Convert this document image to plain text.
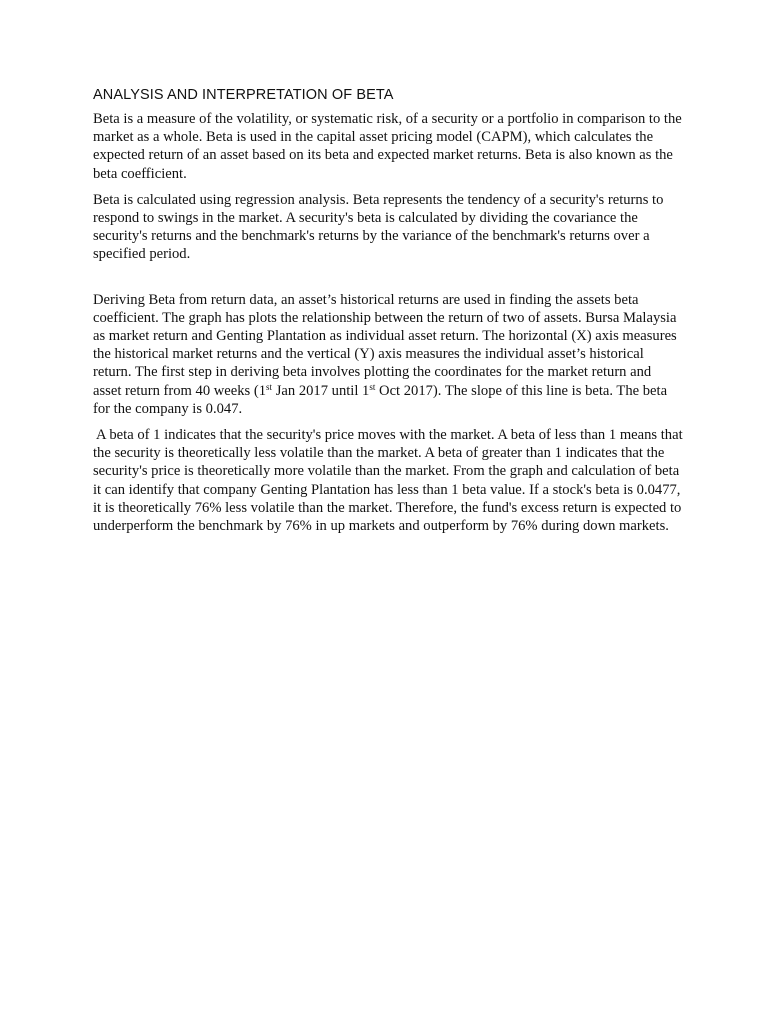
ANALYSIS AND INTERPRETATION OF BETA

Beta is a measure of the volatility, or systematic risk, of a security or a portfolio in comparison to the market as a whole. Beta is used in the capital asset pricing model (CAPM), which calculates the expected return of an asset based on its beta and expected market returns. Beta is also known as the beta coefficient.

Beta is calculated using regression analysis. Beta represents the tendency of a security's returns to respond to swings in the market. A security's beta is calculated by dividing the covariance the security's returns and the benchmark's returns by the variance of the benchmark's returns over a specified period.

Deriving Beta from return data, an asset’s historical returns are used in finding the assets beta coefficient. The graph has plots the relationship between the return of two of assets. Bursa Malaysia as market return and Genting Plantation as individual asset return. The horizontal (X) axis measures the historical market returns and the vertical (Y) axis measures the individual asset’s historical return. The first step in deriving beta involves plotting the coordinates for the market return and asset return from 40 weeks (1st Jan 2017 until 1st Oct 2017). The slope of this line is beta. The beta for the company is 0.047.

A beta of 1 indicates that the security's price moves with the market. A beta of less than 1 means that the security is theoretically less volatile than the market. A beta of greater than 1 indicates that the security's price is theoretically more volatile than the market. From the graph and calculation of beta it can identify that company Genting Plantation has less than 1 beta value. If a stock's beta is 0.0477, it is theoretically 76% less volatile than the market. Therefore, the fund's excess return is expected to underperform the benchmark by 76% in up markets and outperform by 76% during down markets.
